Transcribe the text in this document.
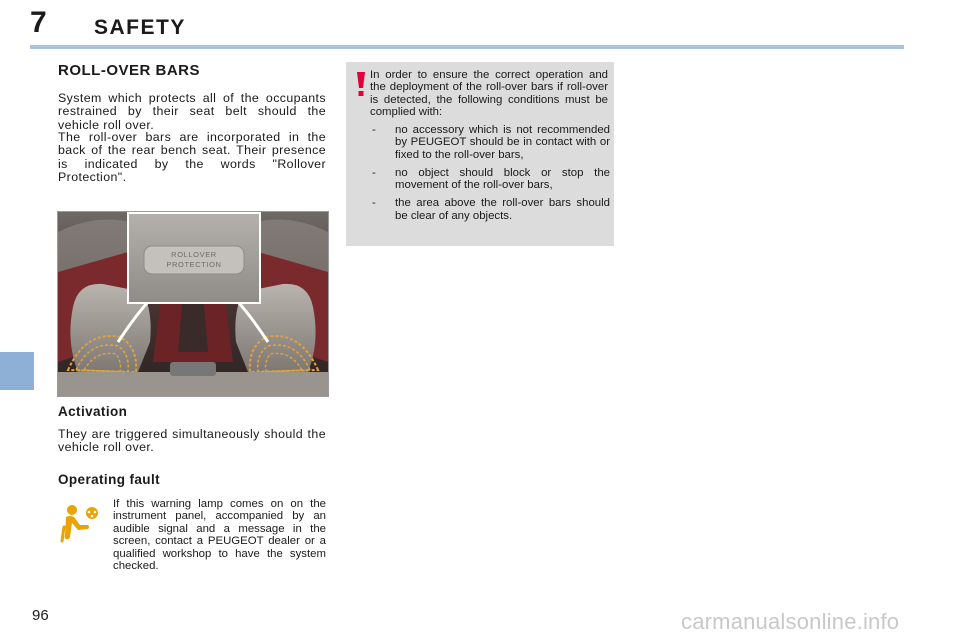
7 SAFETY
ROLL-OVER BARS

System which protects all of the occupants restrained by their seat belt should the vehicle roll over.

The roll-over bars are incorporated in the back of the rear bench seat. Their presence is indicated by the words "Rollover Protection".

ROLLOVER
PROTECTION
Activation

They are triggered simultaneously should the vehicle roll over.

Operating fault

If this warning lamp comes on on the instrument panel, accompanied by an audible signal and a message in the screen, contact a PEUGEOT dealer or a qualified workshop to have the system checked.

In order to ensure the correct operation and the deployment of the roll-over bars if roll-over is detected, the following conditions must be complied with:

- no accessory which is not recommended by PEUGEOT should be in contact with or fixed to the roll-over bars,
- no object should block or stop the movement of the roll-over bars,
- the area above the roll-over bars should be clear of any objects.
96	carmanualsonline.info
